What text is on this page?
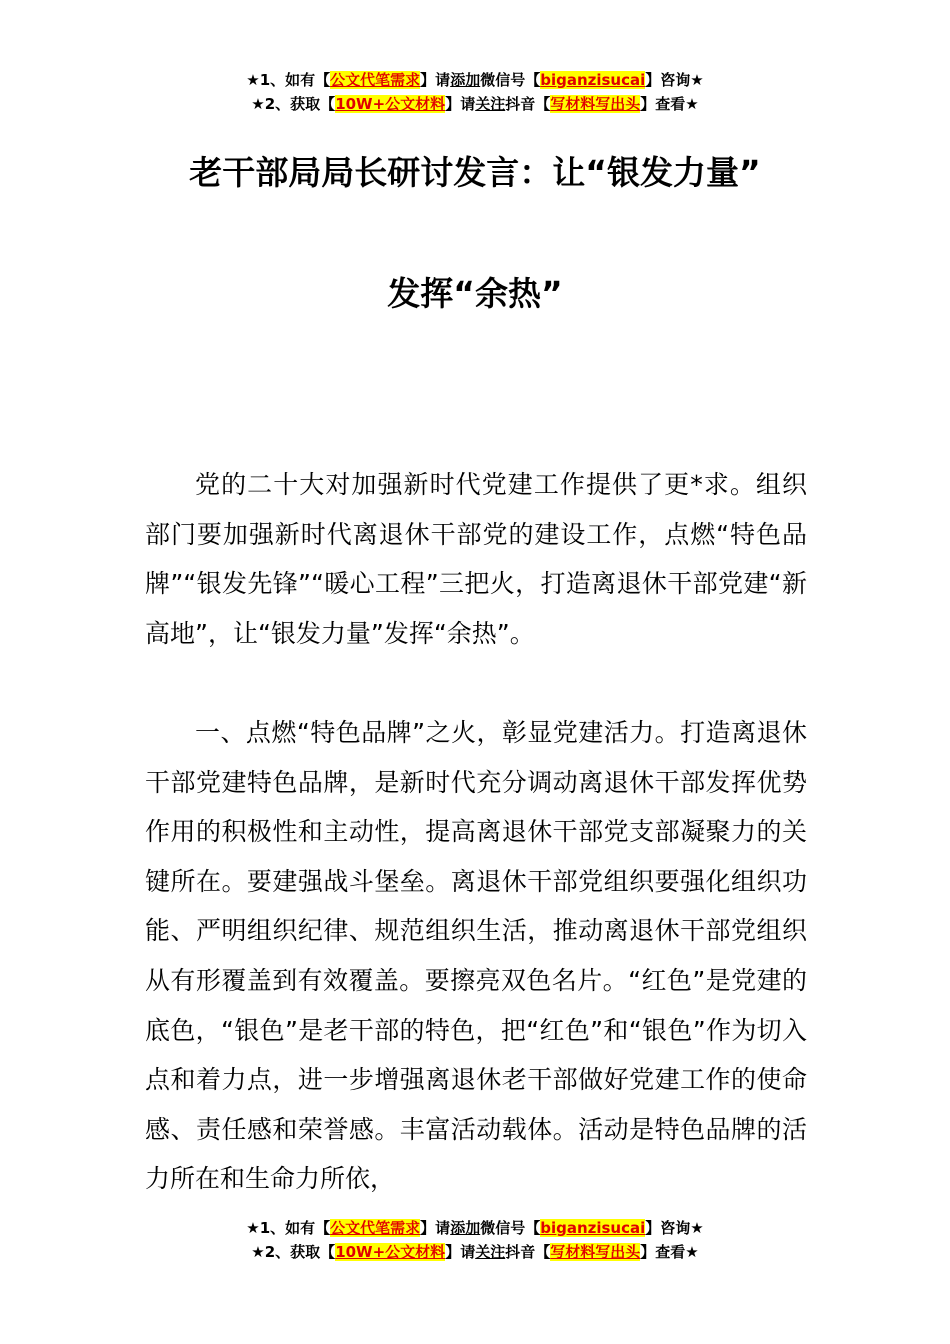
★1、如有【公文代笔需求】请添加微信号【biganzisucai】咨询★
★2、获取【10W+公文材料】请关注抖音【写材料写出头】查看★
老干部局局长研讨发言：让“银发力量”
发挥“余热”

党的二十大对加强新时代党建工作提供了更*求。组织部门要加强新时代离退休干部党的建设工作，点燃“特色品牌”“银发先锋”“暖心工程”三把火，打造离退休干部党建“新高地”，让“银发力量”发挥“余热”。

一、点燃“特色品牌”之火，彰显党建活力。打造离退休干部党建特色品牌，是新时代充分调动离退休干部发挥优势作用的积极性和主动性，提高离退休干部党支部凝聚力的关键所在。要建强战斗堡垒。离退休干部党组织要强化组织功能、严明组织纪律、规范组织生活，推动离退休干部党组织从有形覆盖到有效覆盖。要擦亮双色名片。“红色”是党建的底色，“银色”是老干部的特色，把“红色”和“银色”作为切入点和着力点，进一步增强离退休老干部做好党建工作的使命感、责任感和荣誉感。丰富活动载体。活动是特色品牌的活力所在和生命力所依，

★1、如有【公文代笔需求】请添加微信号【biganzisucai】咨询★
★2、获取【10W+公文材料】请关注抖音【写材料写出头】查看★
